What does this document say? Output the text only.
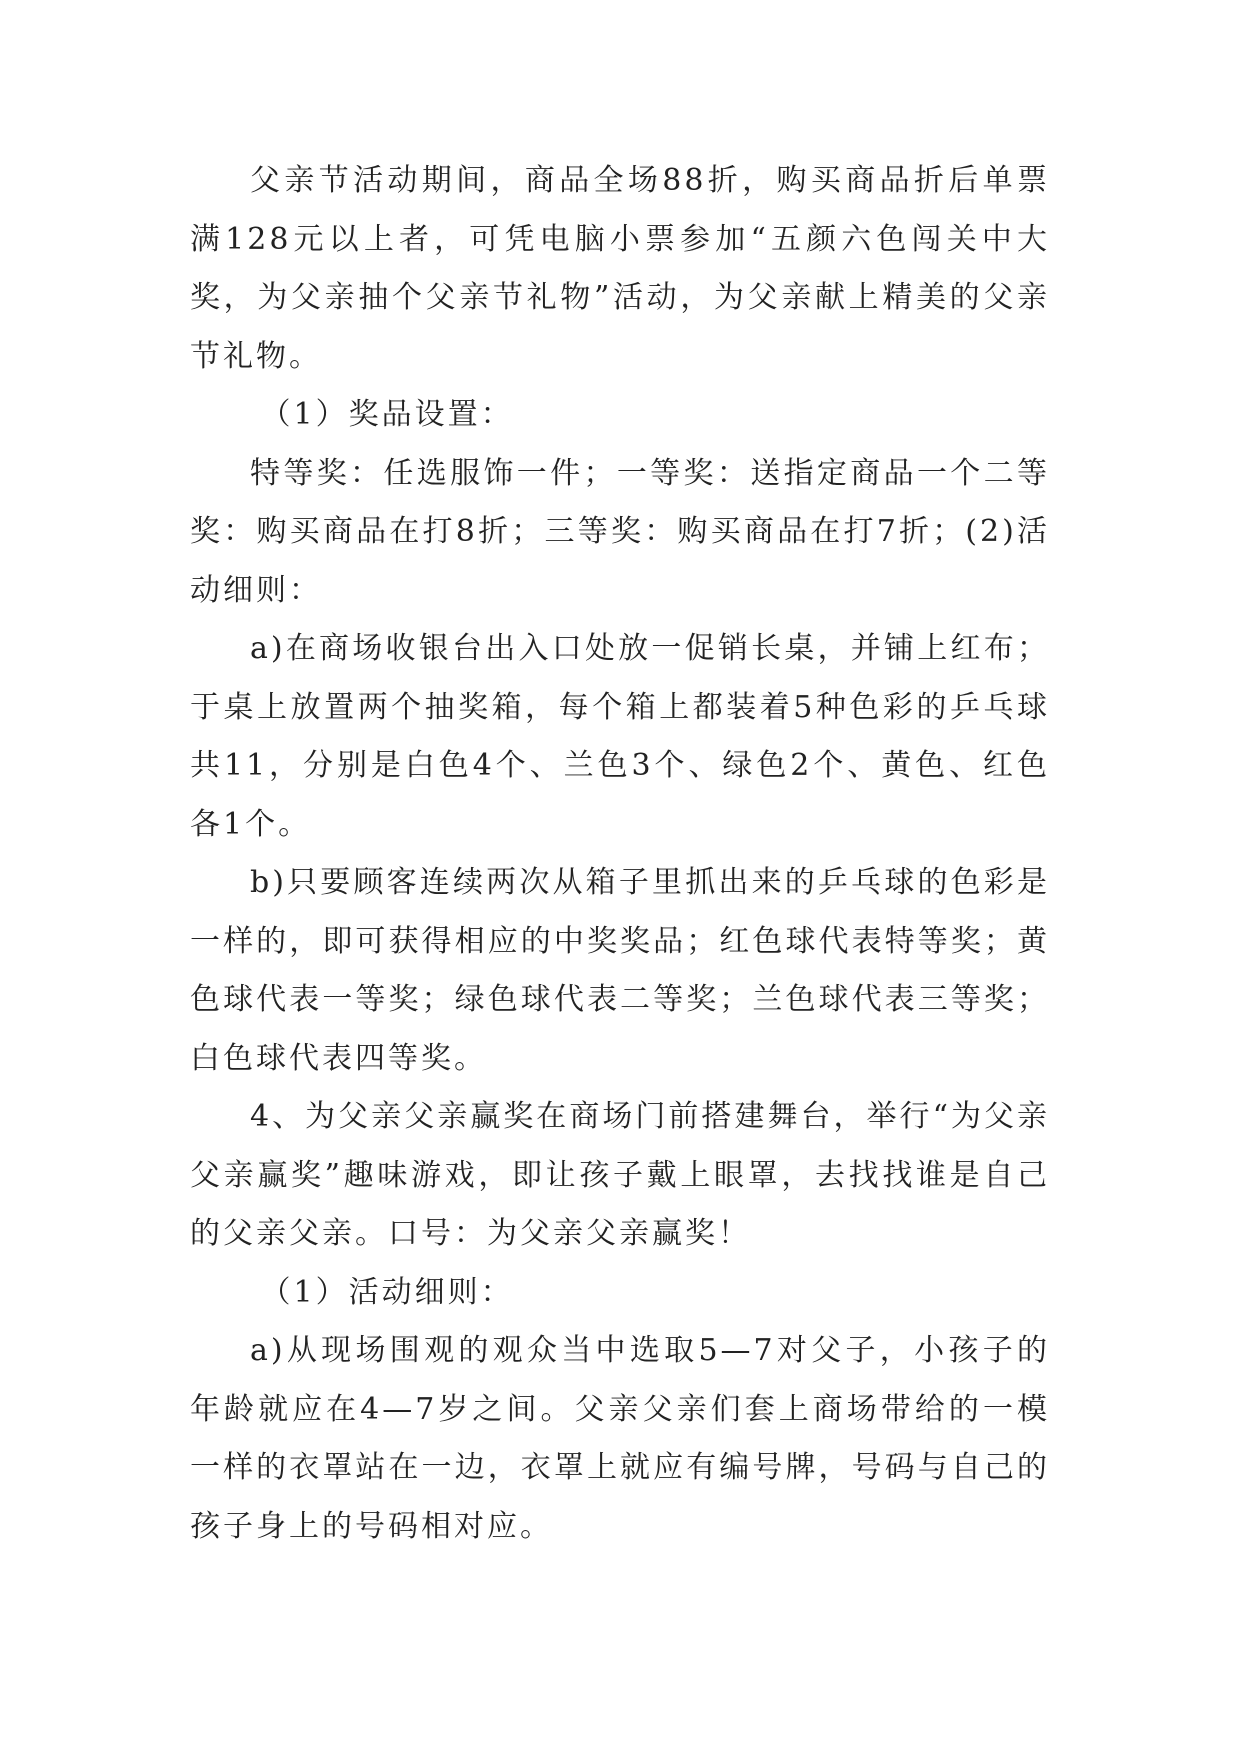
父亲节活动期间，商品全场88折，购买商品折后单票满128元以上者，可凭电脑小票参加“五颜六色闯关中大奖，为父亲抽个父亲节礼物”活动，为父亲献上精美的父亲节礼物。

（1）奖品设置：

特等奖：任选服饰一件；一等奖：送指定商品一个二等奖：购买商品在打8折；三等奖：购买商品在打7折；(2)活动细则：

a)在商场收银台出入口处放一促销长桌，并铺上红布；于桌上放置两个抽奖箱，每个箱上都装着5种色彩的乒乓球共11，分别是白色4个、兰色3个、绿色2个、黄色、红色各1个。

b)只要顾客连续两次从箱子里抓出来的乒乓球的色彩是一样的，即可获得相应的中奖奖品；红色球代表特等奖；黄色球代表一等奖；绿色球代表二等奖；兰色球代表三等奖；白色球代表四等奖。

4、为父亲父亲赢奖在商场门前搭建舞台，举行“为父亲父亲赢奖”趣味游戏，即让孩子戴上眼罩，去找找谁是自己的父亲父亲。口号：为父亲父亲赢奖！

（1）活动细则：

a)从现场围观的观众当中选取5—7对父子，小孩子的年龄就应在4—7岁之间。父亲父亲们套上商场带给的一模一样的衣罩站在一边，衣罩上就应有编号牌，号码与自己的孩子身上的号码相对应。
